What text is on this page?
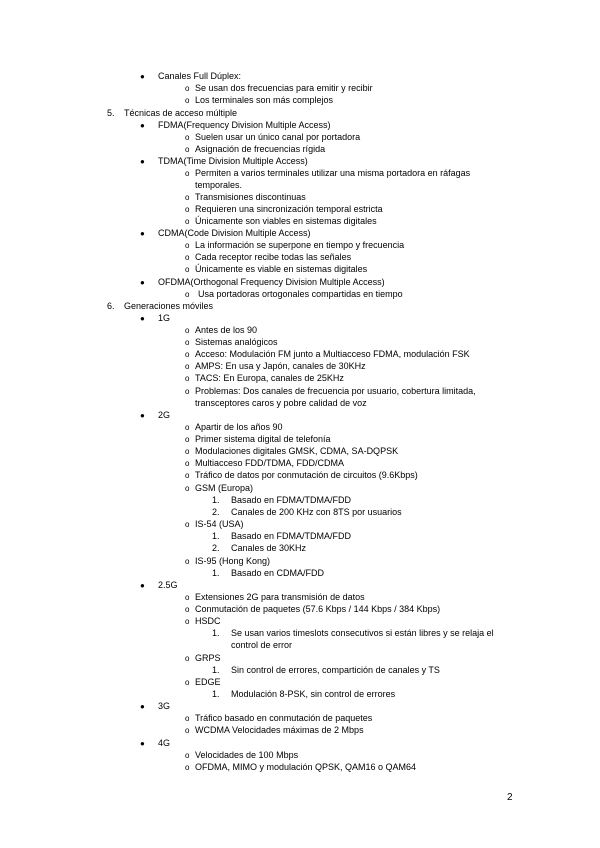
● Canales Full Dúplex:
o Se usan dos frecuencias para emitir y recibir
o Los terminales son más complejos
5. Técnicas de acceso múltiple
● FDMA(Frequency Division Multiple Access)
o Suelen usar un único canal por portadora
o Asignación de frecuencias rígida
● TDMA(Time Division Multiple Access)
o Permiten a varios terminales utilizar una misma portadora en ráfagas
temporales.
o Transmisiones discontinuas
o Requieren una sincronización temporal estricta
o Únicamente son viables en sistemas digitales
● CDMA(Code Division Multiple Access)
o La información se superpone en tiempo y frecuencia
o Cada receptor recibe todas las señales
o Únicamente es viable en sistemas digitales
● OFDMA(Orthogonal Frequency Division Multiple Access)
o Usa portadoras ortogonales compartidas en tiempo
6. Generaciones móviles
● 1G
o Antes de los 90
o Sistemas analógicos
o Acceso: Modulación FM junto a Multiacceso FDMA, modulación FSK
o AMPS: En usa y Japón, canales de 30KHz
o TACS: En Europa, canales de 25KHz
o Problemas: Dos canales de frecuencia por usuario, cobertura limitada,
transceptores caros y pobre calidad de voz
● 2G
o Apartir de los años 90
o Primer sistema digital de telefonía
o Modulaciones digitales GMSK, CDMA, SA-DQPSK
o Multiacceso FDD/TDMA, FDD/CDMA
o Tráfico de datos por conmutación de circuitos (9.6Kbps)
o GSM (Europa)
1. Basado en FDMA/TDMA/FDD
2. Canales de 200 KHz con 8TS por usuarios
o IS-54 (USA)
1. Basado en FDMA/TDMA/FDD
2. Canales de 30KHz
o IS-95 (Hong Kong)
1. Basado en CDMA/FDD
● 2.5G
o Extensiones 2G para transmisión de datos
o Conmutación de paquetes (57.6 Kbps / 144 Kbps / 384 Kbps)
o HSDC
1. Se usan varios timeslots consecutivos si están libres y se relaja el
control de error
o GRPS
1. Sin control de errores, compartición de canales y TS
o EDGE
1. Modulación 8-PSK, sin control de errores
● 3G
o Tráfico basado en conmutación de paquetes
o WCDMA Velocidades máximas de 2 Mbps
● 4G
o Velocidades de 100 Mbps
o OFDMA, MIMO y modulación QPSK, QAM16 o QAM64
2
